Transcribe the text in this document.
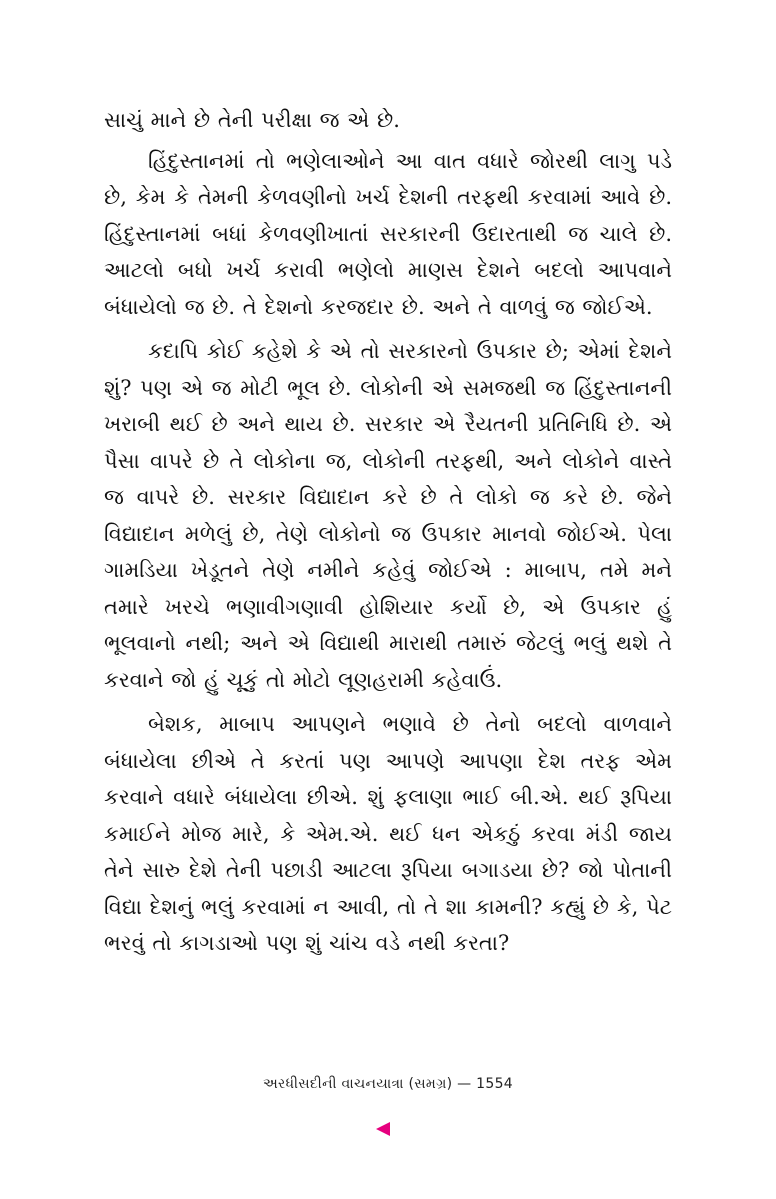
સાચું માને છે તેની પરીક્ષા જ એ છે.

હિંદુસ્તાનમાં તો ભણેલાઓને આ વાત વધારે જોરથી લાગુ પડે છે, કેમ કે તેમની કેળવણીનો ખર્ચ દેશની તરફથી કરવામાં આવે છે. હિંદુસ્તાનમાં બધાં કેળવણીખાતાં સરકારની ઉદારતાથી જ ચાલે છે. આટલો બધો ખર્ચ કરાવી ભણેલો માણસ દેશને બદલો આપવાને બંધાયેલો જ છે. તે દેશનો કરજદાર છે. અને તે વાળવું જ જોઈએ.

કદાપિ કોઈ કહેશે કે એ તો સરકારનો ઉપકાર છે; એમાં દેશને શું? પણ એ જ મોટી ભૂલ છે. લોકોની એ સમજથી જ હિંદુસ્તાનની ખરાબી થઈ છે અને થાય છે. સરકાર એ રૈયતની પ્રતિનિધિ છે. એ પૈસા વાપરે છે તે લોકોના જ, લોકોની તરફથી, અને લોકોને વાસ્તે જ વાપરે છે. સરકાર વિદ્યાદાન કરે છે તે લોકો જ કરે છે. જેને વિદ્યાદાન મળેલું છે, તેણે લોકોનો જ ઉપકાર માનવો જોઈએ. પેલા ગામડિયા ખેડૂતને તેણે નમીને કહેવું જોઈએ : માબાપ, તમે મને તમારે ખરચે ભણાવીગણાવી હોશિયાર કર્યો છે, એ ઉપકાર હું ભૂલવાનો નથી; અને એ વિદ્યાથી મારાથી તમારું જેટલું ભલું થશે તે કરવાને જો હું ચૂકું તો મોટો લૂણહરામી કહેવાઉં.

બેશક, માબાપ આપણને ભણાવે છે તેનો બદલો વાળવાને બંધાયેલા છીએ તે કરતાં પણ આપણે આપણા દેશ તરફ એમ કરવાને વધારે બંધાયેલા છીએ. શું ફલાણા ભાઈ બી.એ. થઈ રૂપિયા કમાઈને મોજ મારે, કે એમ.એ. થઈ ધન એકઠું કરવા મંડી જાય તેને સારુ દેશે તેની પછાડી આટલા રૂપિયા બગાડયા છે? જો પોતાની વિદ્યા દેશનું ભલું કરવામાં ન આવી, તો તે શા કામની? કહ્યું છે કે, પેટ ભરવું તો કાગડાઓ પણ શું ચાંચ વડે નથી કરતા?

અરધીસદીની વાચનયાત્રા (સમગ્ર) — 1554
